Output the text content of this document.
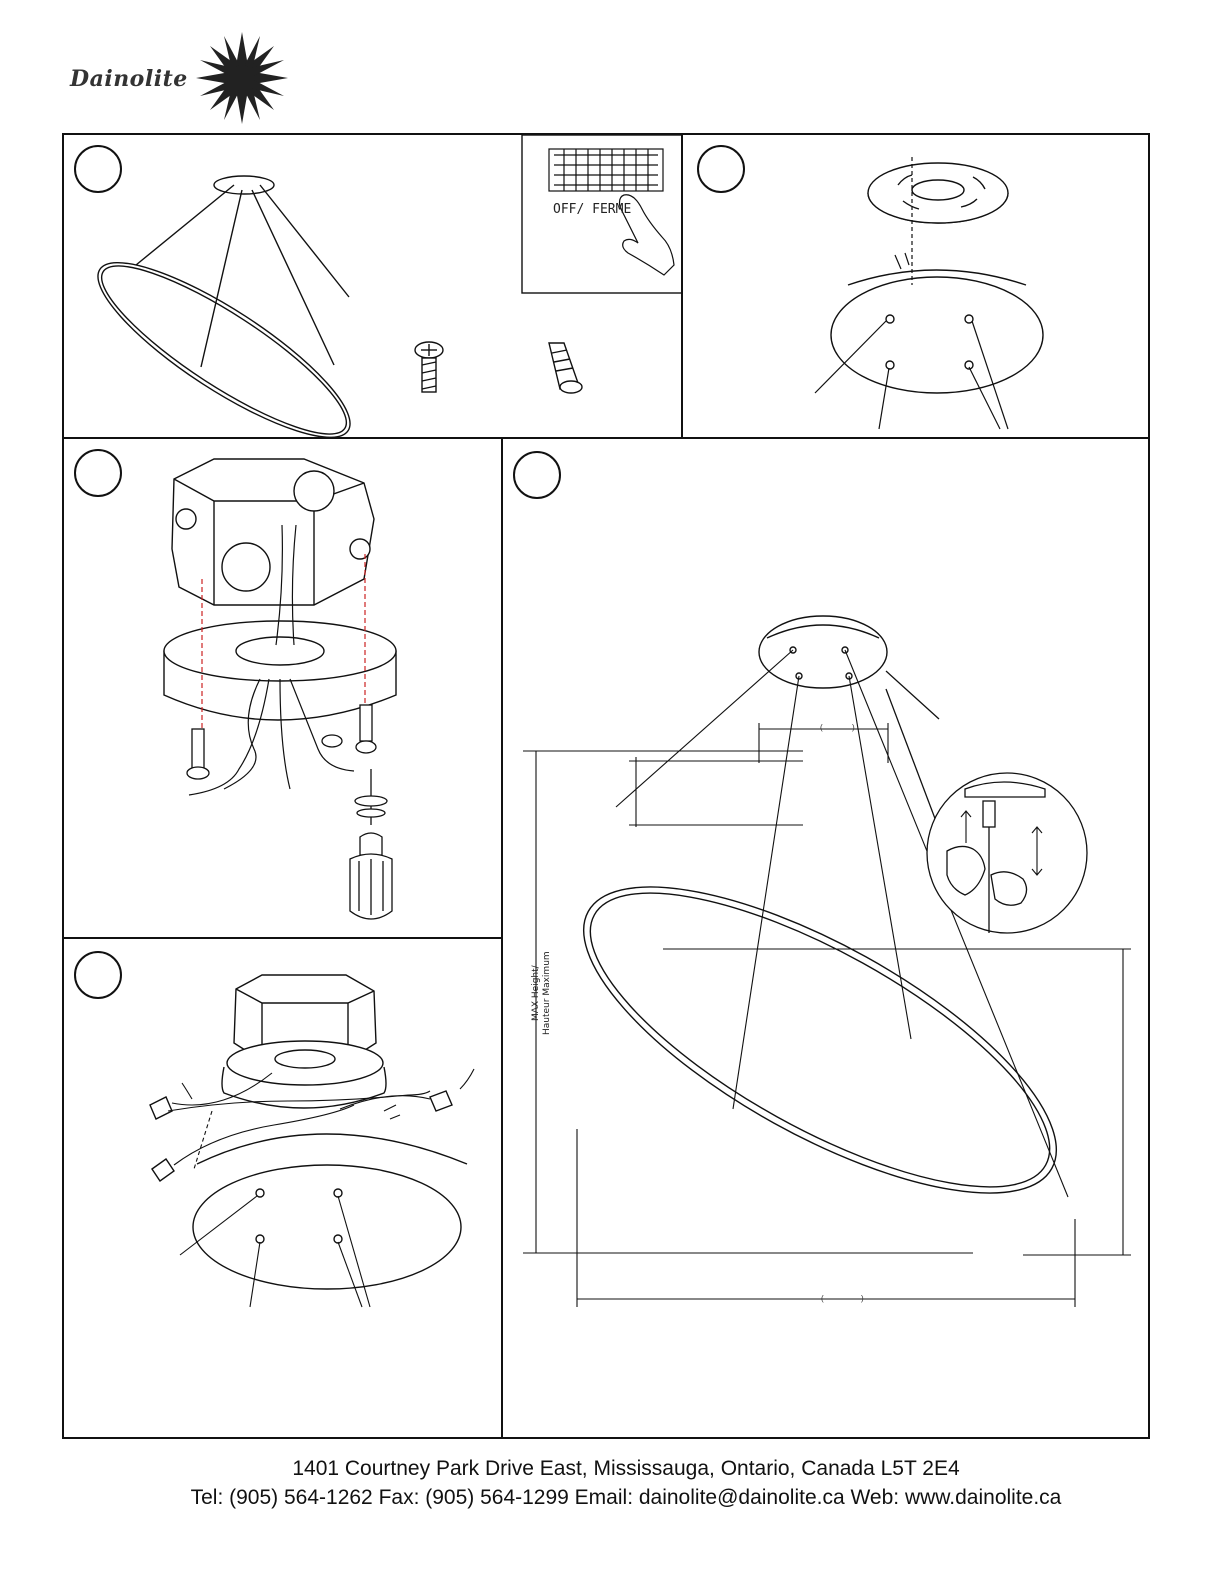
Dainolite
OFF/ FERME
(	)
(	)
MAX Height/ Hauteur Maximum
1401 Courtney Park Drive East, Mississauga, Ontario, Canada L5T 2E4
Tel: (905) 564-1262 Fax: (905) 564-1299 Email: dainolite@dainolite.ca Web: www.dainolite.ca
